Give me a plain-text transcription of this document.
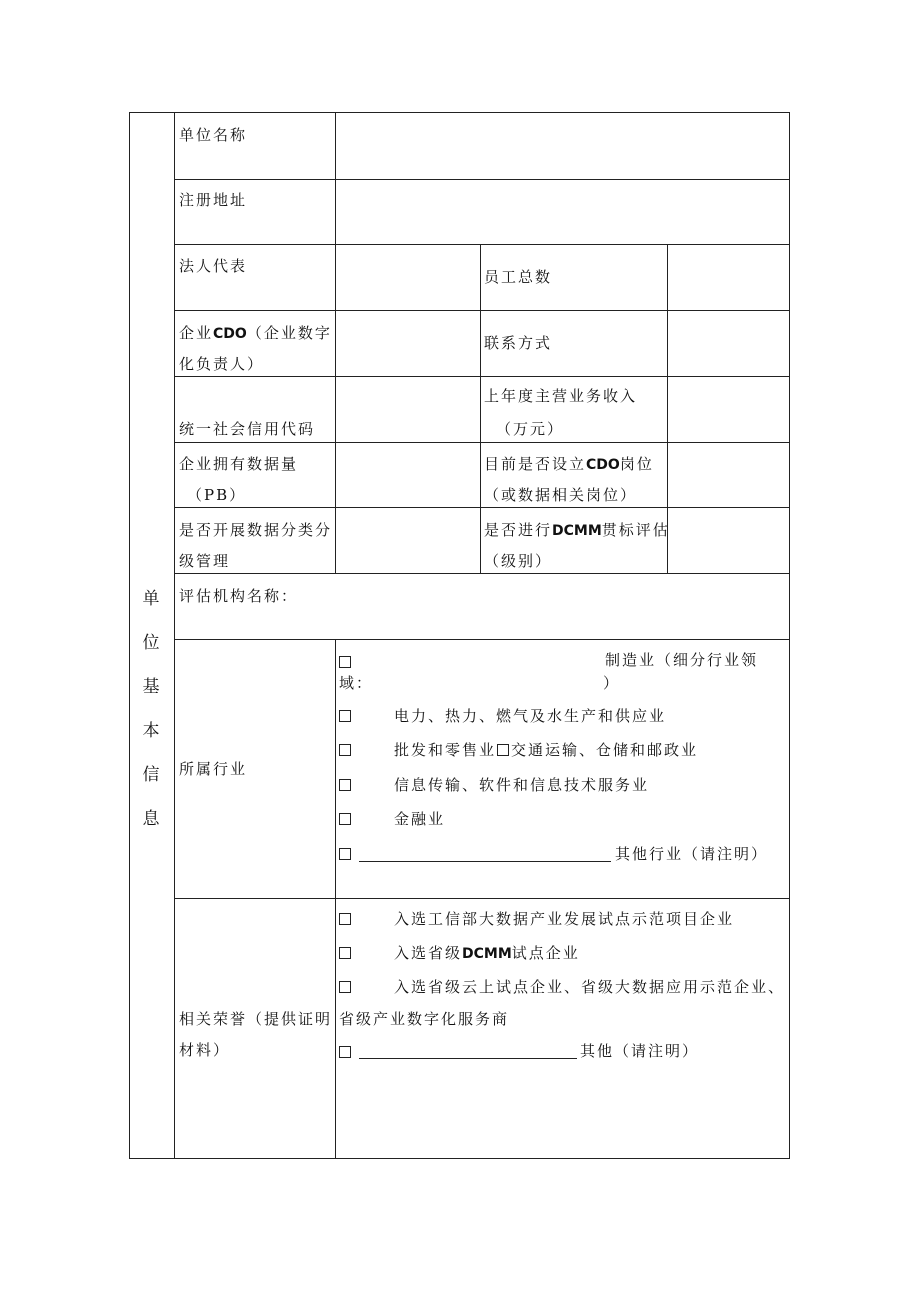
单位基本信息
单位名称
注册地址
法人代表
企业CDO（企业数字
化负责人）
统一社会信用代码
企业拥有数据量
（PB）
是否开展数据分类分
级管理
员工总数
联系方式
上年度主营业务收入
（万元）
目前是否设立CDO岗位
（或数据相关岗位）
是否进行DCMM贯标评估
（级别）
评估机构名称：
所属行业
制造业（细分行业领
域：	）
电力、热力、燃气及水生产和供应业
批发和零售业 交通运输、仓储和邮政业
信息传输、软件和信息技术服务业
金融业
其他行业（请注明）
相关荣誉（提供证明
材料）
入选工信部大数据产业发展试点示范项目企业
入选省级DCMM试点企业
入选省级云上试点企业、省级大数据应用示范企业、
省级产业数字化服务商
其他（请注明）
